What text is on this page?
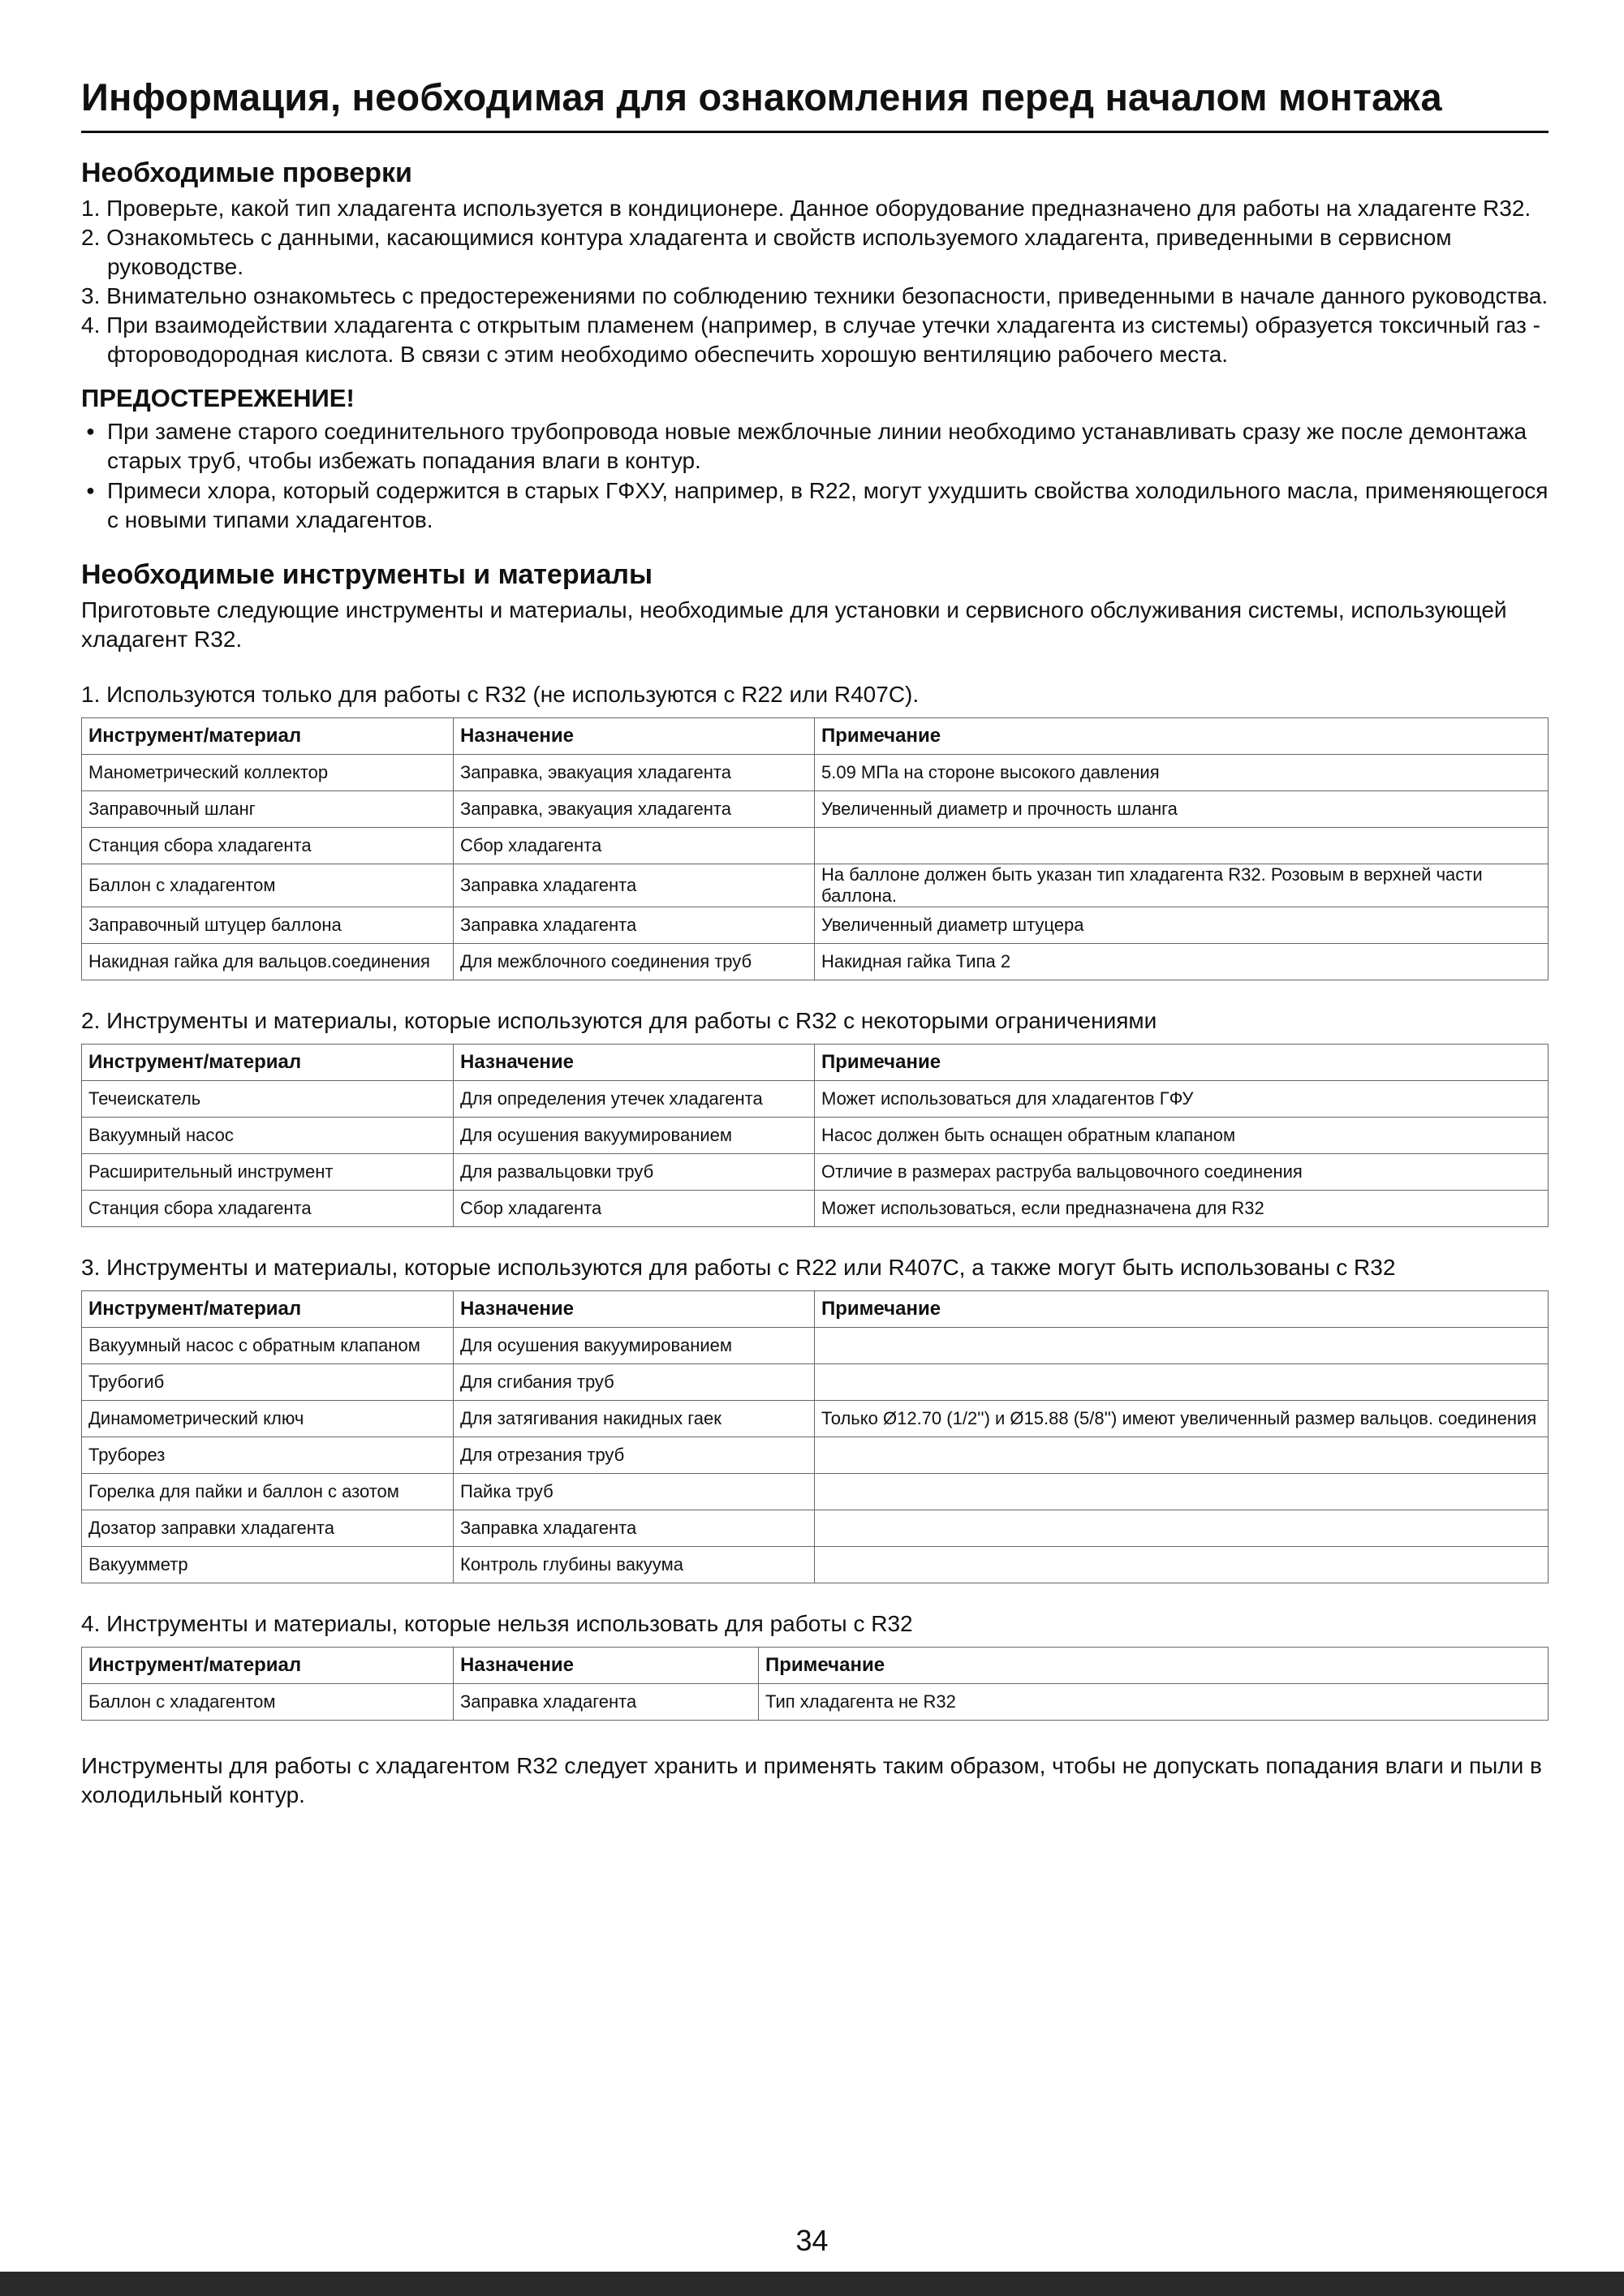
Информация, необходимая для ознакомления перед началом монтажа
Необходимые проверки
1. Проверьте, какой тип хладагента используется в кондиционере. Данное оборудование предназначено для работы на хладагенте R32.
2. Ознакомьтесь с данными, касающимися контура хладагента и свойств используемого хладагента, приведенными в сервисном руководстве.
3. Внимательно ознакомьтесь с предостережениями по соблюдению техники безопасности, приведенными в начале данного руководства.
4. При взаимодействии хладагента с открытым пламенем (например, в случае утечки хладагента из системы) образуется токсичный газ - фтороводородная кислота. В связи с этим необходимо обеспечить хорошую вентиляцию рабочего места.
ПРЕДОСТЕРЕЖЕНИЕ!
● При замене старого соединительного трубопровода новые межблочные линии необходимо устанавливать сразу же после демонтажа старых труб, чтобы избежать попадания влаги в контур.
● Примеси хлора, который содержится в старых ГФХУ, например, в R22, могут ухудшить свойства холодильного масла, применяющегося с новыми типами хладагентов.
Необходимые инструменты и материалы

Приготовьте следующие инструменты и материалы, необходимые для установки и сервисного обслуживания системы, использующей хладагент R32.

1. Используются только для работы с R32 (не используются с R22 или R407C).
Инструмент/материал	Назначение	Примечание
Манометрический коллектор	Заправка, эвакуация хладагента	5.09 МПа на стороне высокого давления
Заправочный шланг	Заправка, эвакуация хладагента	Увеличенный диаметр и прочность шланга
Станция сбора хладагента	Сбор хладагента	
Баллон с хладагентом	Заправка хладагента	На баллоне должен быть указан тип хладагента R32. Розовым в верхней части баллона.
Заправочный штуцер баллона	Заправка хладагента	Увеличенный диаметр штуцера
Накидная гайка для вальцов.соединения	Для межблочного соединения труб	Накидная гайка Типа 2
2. Инструменты и материалы, которые используются для работы с R32 с некоторыми ограничениями
Инструмент/материал	Назначение	Примечание
Течеискатель	Для определения утечек хладагента	Может использоваться для хладагентов ГФУ
Вакуумный насос	Для осушения вакуумированием	Насос должен быть оснащен обратным клапаном
Расширительный инструмент	Для развальцовки труб	Отличие в размерах раструба вальцовочного соединения
Станция сбора хладагента	Сбор хладагента	Может использоваться, если предназначена для R32
3. Инструменты и материалы, которые используются для работы с R22 или R407C, а также могут быть использованы с R32
Инструмент/материал	Назначение	Примечание
Вакуумный насос с обратным клапаном	Для осушения вакуумированием	
Трубогиб	Для сгибания труб	
Динамометрический ключ	Для затягивания накидных гаек	Только Ø12.70 (1/2'') и Ø15.88 (5/8'') имеют увеличенный размер вальцов. соединения
Труборез	Для отрезания труб	
Горелка для пайки и баллон с азотом	Пайка труб	
Дозатор заправки хладагента	Заправка хладагента	
Вакуумметр	Контроль глубины вакуума	
4. Инструменты и материалы, которые нельзя использовать для работы с R32
Инструмент/материал	Назначение	Примечание
Баллон с хладагентом	Заправка хладагента	Тип хладагента не R32

Инструменты для работы с хладагентом R32 следует хранить и применять таким образом, чтобы не допускать попадания влаги и пыли в холодильный контур.

34
